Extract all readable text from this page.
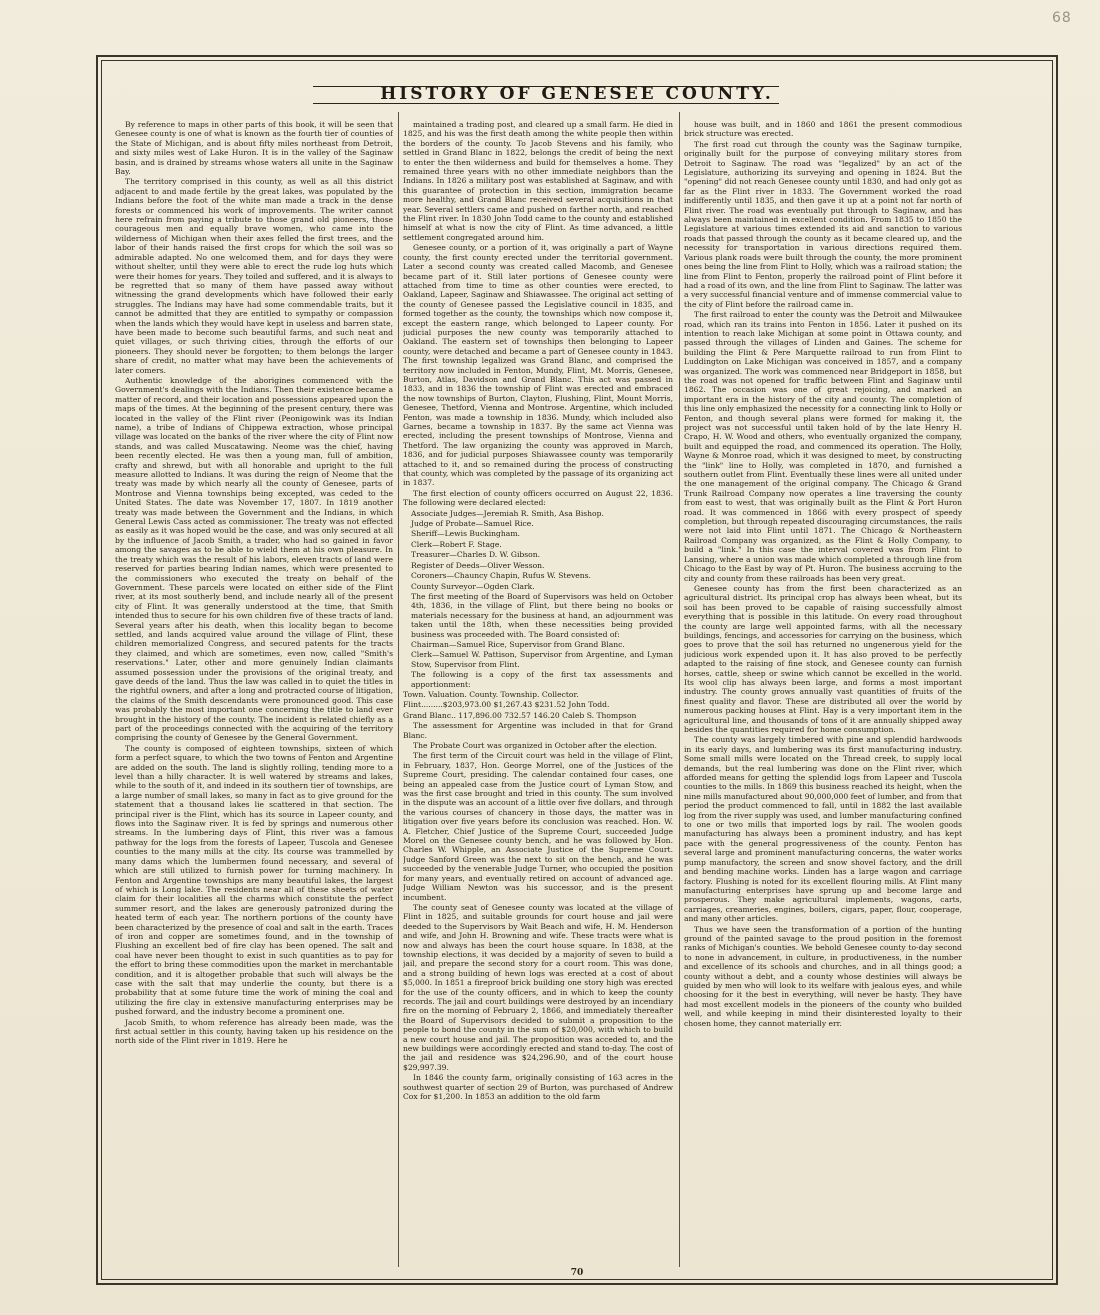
68
HISTORY OF GENESEE COUNTY.

By reference to maps in other parts of this book, it will be seen that Genesee county is one of what is known as the fourth tier of counties of the State of Michigan, and is about fifty miles northeast from Detroit, and sixty miles west of Lake Huron. It is in the valley of the Saginaw basin, and is drained by streams whose waters all unite in the Saginaw Bay.

The territory comprised in this county, as well as all this district adjacent to and made fertile by the great lakes, was populated by the Indians before the foot of the white man made a track in the dense forests or commenced his work of improvements. The writer cannot here refrain from paying a tribute to those grand old pioneers, those courageous men and equally brave women, who came into the wilderness of Michigan when their axes felled the first trees, and the labor of their hands raised the first crops for which the soil was so admirable adapted. No one welcomed them, and for days they were without shelter, until they were able to erect the rude log huts which were their homes for years. They toiled and suffered, and it is always to be regretted that so many of them have passed away without witnessing the grand developments which have followed their early struggles. The Indians may have had some commendable traits, but it cannot be admitted that they are entitled to sympathy or compassion when the lands which they would have kept in useless and barren state, have been made to become such beautiful farms, and such neat and quiet villages, or such thriving cities, through the efforts of our pioneers. They should never be forgotten; to them belongs the larger share of credit, no matter what may have been the achievements of later comers.

Authentic knowledge of the aborigines commenced with the Government's dealings with the Indians. Then their existence became a matter of record, and their location and possessions appeared upon the maps of the times. At the beginning of the present century, there was located in the valley of the Flint river (Peonigowink was its Indian name), a tribe of Indians of Chippewa extraction, whose principal village was located on the banks of the river where the city of Flint now stands, and was called Muscatawing. Neome was the chief, having been recently elected. He was then a young man, full of ambition, crafty and shrewd, but with all honorable and upright to the full measure allotted to Indians. It was during the reign of Neome that the treaty was made by which nearly all the county of Genesee, parts of Montrose and Vienna townships being excepted, was ceded to the United States. The date was November 17, 1807. In 1819 another treaty was made between the Government and the Indians, in which General Lewis Cass acted as commissioner. The treaty was not effected as easily as it was hoped would be the case, and was only secured at all by the influence of Jacob Smith, a trader, who had so gained in favor among the savages as to be able to wield them at his own pleasure. In the treaty which was the result of his labors, eleven tracts of land were reserved for parties bearing Indian names, which were presented to the commissioners who executed the treaty on behalf of the Government. These parcels were located on either side of the Flint river, at its most southerly bend, and include nearly all of the present city of Flint. It was generally understood at the time, that Smith intended thus to secure for his own children five of these tracts of land. Several years after his death, when this locality began to become settled, and lands acquired value around the village of Flint, these children memorialized Congress, and secured patents for the tracts they claimed, and which are sometimes, even now, called "Smith's reservations." Later, other and more genuinely Indian claimants assumed possession under the provisions of the original treaty, and gave deeds of the land. Thus the law was called in to quiet the titles in the rightful owners, and after a long and protracted course of litigation, the claims of the Smith descendants were pronounced good. This case was probably the most important one concerning the title to land ever brought in the history of the county. The incident is related chiefly as a part of the proceedings connected with the acquiring of the territory comprising the county of Genesee by the General Government.

The county is composed of eighteen townships, sixteen of which form a perfect square, to which the two towns of Fenton and Argentine are added on the south. The land is slightly rolling, tending more to a level than a hilly character. It is well watered by streams and lakes, while to the south of it, and indeed in its southern tier of townships, are a large number of small lakes, so many in fact as to give ground for the statement that a thousand lakes lie scattered in that section. The principal river is the Flint, which has its source in Lapeer county, and flows into the Saginaw river. It is fed by springs and numerous other streams. In the lumbering days of Flint, this river was a famous pathway for the logs from the forests of Lapeer, Tuscola and Genesee counties to the many mills at the city. Its course was trammelled by many dams which the lumbermen found necessary, and several of which are still utilized to furnish power for turning machinery. In Fenton and Argentine townships are many beautiful lakes, the largest of which is Long lake. The residents near all of these sheets of water claim for their localities all the charms which constitute the perfect summer resort, and the lakes are generously patronized during the heated term of each year. The northern portions of the county have been characterized by the presence of coal and salt in the earth. Traces of iron and copper are sometimes found, and in the township of Flushing an excellent bed of fire clay has been opened. The salt and coal have never been thought to exist in such quantities as to pay for the effort to bring these commodities upon the market in merchantable condition, and it is altogether probable that such will always be the case with the salt that may underlie the county, but there is a probability that at some future time the work of mining the coal and utilizing the fire clay in extensive manufacturing enterprises may be pushed forward, and the industry become a prominent one.

Jacob Smith, to whom reference has already been made, was the first actual settler in this county, having taken up his residence on the north side of the Flint river in 1819. Here he

maintained a trading post, and cleared up a small farm. He died in 1825, and his was the first death among the white people then within the borders of the county. To Jacob Stevens and his family, who settled in Grand Blanc in 1822, belongs the credit of being the next to enter the then wilderness and build for themselves a home. They remained three years with no other immediate neighbors than the Indians. In 1826 a military post was established at Saginaw, and with this guarantee of protection in this section, immigration became more healthy, and Grand Blanc received several acquisitions in that year. Several settlers came and pushed on farther north, and reached the Flint river. In 1830 John Todd came to the county and established himself at what is now the city of Flint. As time advanced, a little settlement congregated around him.

Genesee county, or a portion of it, was originally a part of Wayne county, the first county erected under the territorial government. Later a second county was created called Macomb, and Genesee became part of it. Still later portions of Genesee county were attached from time to time as other counties were erected, to Oakland, Lapeer, Saginaw and Shiawassee. The original act setting of the county of Genesee passed the Legislative council in 1835, and formed together as the county, the townships which now compose it, except the eastern range, which belonged to Lapeer county. For judicial purposes the new county was temporarily attached to Oakland. The eastern set of townships then belonging to Lapeer county, were detached and became a part of Genesee county in 1843. The first township legalized was Grand Blanc, and comprised the territory now included in Fenton, Mundy, Flint, Mt. Morris, Genesee, Burton, Atlas, Davidson and Grand Blanc. This act was passed in 1833, and in 1836 the township of Flint was erected and embraced the now townships of Burton, Clayton, Flushing, Flint, Mount Morris, Genesee, Thetford, Vienna and Montrose. Argentine, which included Fenton, was made a township in 1836. Mundy, which included also Garnes, became a township in 1837. By the same act Vienna was erected, including the present townships of Montrose, Vienna and Thetford. The law organizing the county was approved in March, 1836, and for judicial purposes Shiawassee county was temporarily attached to it, and so remained during the process of constructing that county, which was completed by the passage of its organizing act in 1837.

The first election of county officers occurred on August 22, 1836. The following were declared elected:

Associate Judges—Jeremiah R. Smith, Asa Bishop.

Judge of Probate—Samuel Rice.

Sheriff—Lewis Buckingham.

Clerk—Robert F. Stage.

Treasurer—Charles D. W. Gibson.

Register of Deeds—Oliver Wesson.

Coroners—Chauncy Chapin, Rufus W. Stevens.

County Surveyor—Ogden Clark.

The first meeting of the Board of Supervisors was held on October 4th, 1836, in the village of Flint, but there being no books or materials necessary for the business at hand, an adjournment was taken until the 18th, when these necessities being provided business was proceeded with. The Board consisted of:

Chairman—Samuel Rice, Supervisor from Grand Blanc.

Clerk—Samuel W. Pattison, Supervisor from Argentine, and Lyman Stow, Supervisor from Flint.

The following is a copy of the first tax assessments and apportionment:

Town. Valuation. County. Township. Collector.

Flint.........$203,973.00 $1,267.43 $231.52 John Todd.

Grand Blanc.. 117,896.00 732.57 146.20 Caleb S. Thompson

The assessment for Argentine was included in that for Grand Blanc.

The Probate Court was organized in October after the election.

The first term of the Circuit court was held in the village of Flint, in February, 1837, Hon. George Morrel, one of the Justices of the Supreme Court, presiding. The calendar contained four cases, one being an appealed case from the Justice court of Lyman Stow, and was the first case brought and tried in this county. The sum involved in the dispute was an account of a little over five dollars, and through the various courses of chancery in those days, the matter was in litigation over five years before its conclusion was reached. Hon. W. A. Fletcher, Chief Justice of the Supreme Court, succeeded Judge Morel on the Genesee county bench, and he was followed by Hon. Charles W. Whipple, an Associate Justice of the Supreme Court. Judge Sanford Green was the next to sit on the bench, and he was succeeded by the venerable Judge Turner, who occupied the position for many years, and eventually retired on account of advanced age. Judge William Newton was his successor, and is the present incumbent.

The county seat of Genesee county was located at the village of Flint in 1825, and suitable grounds for court house and jail were deeded to the Supervisors by Wait Beach and wife, H. M. Henderson and wife, and John H. Browning and wife. These tracts were what is now and always has been the court house square. In 1838, at the township elections, it was decided by a majority of seven to build a jail, and prepare the second story for a court room. This was done, and a strong building of hewn logs was erected at a cost of about $5,000. In 1851 a fireproof brick building one story high was erected for the use of the county officers, and in which to keep the county records. The jail and court buildings were destroyed by an incendiary fire on the morning of February 2, 1866, and immediately thereafter the Board of Supervisors decided to submit a proposition to the people to bond the county in the sum of $20,000, with which to build a new court house and jail. The proposition was acceded to, and the new buildings were accordingly erected and stand to-day. The cost of the jail and residence was $24,296.90, and of the court house $29,997.39.

In 1846 the county farm, originally consisting of 163 acres in the southwest quarter of section 29 of Burton, was purchased of Andrew Cox for $1,200. In 1853 an addition to the old farm

house was built, and in 1860 and 1861 the present commodious brick structure was erected.

The first road cut through the county was the Saginaw turnpike, originally built for the purpose of conveying military stores from Detroit to Saginaw. The road was "legalized" by an act of the Legislature, authorizing its surveying and opening in 1824. But the "opening" did not reach Genesee county until 1830, and had only got as far as the Flint river in 1833. The Government worked the road indifferently until 1835, and then gave it up at a point not far north of Flint river. The road was eventually put through to Saginaw, and has always been maintained in excellent condition. From 1835 to 1850 the Legislature at various times extended its aid and sanction to various roads that passed through the county as it became cleared up, and the necessity for transportation in various directions required them. Various plank roads were built through the county, the more prominent ones being the line from Flint to Holly, which was a railroad station; the line from Flint to Fenton, properly the railroad point of Flint before it had a road of its own, and the line from Flint to Saginaw. The latter was a very successful financial venture and of immense commercial value to the city of Flint before the railroad came in.

The first railroad to enter the county was the Detroit and Milwaukee road, which ran its trains into Fenton in 1856. Later it pushed on its intention to reach lake Michigan at some point in Ottawa county, and passed through the villages of Linden and Gaines. The scheme for building the Flint & Pere Marquette railroad to run from Flint to Luddington on Lake Michigan was conceived in 1857, and a company was organized. The work was commenced near Bridgeport in 1858, but the road was not opened for traffic between Flint and Saginaw until 1862. The occasion was one of great rejoicing, and marked an important era in the history of the city and county. The completion of this line only emphasized the necessity for a connecting link to Holly or Fenton, and though several plans were formed for making it, the project was not successful until taken hold of by the late Henry H. Crapo, H. W. Wood and others, who eventually organized the company, built and equipped the road, and commenced its operation. The Holly, Wayne & Monroe road, which it was designed to meet, by constructing the "link" line to Holly, was completed in 1870, and furnished a southern outlet from Flint. Eventually these lines were all united under the one management of the original company. The Chicago & Grand Trunk Railroad Company now operates a line traversing the county from east to west, that was originally built as the Flint & Port Huron road. It was commenced in 1866 with every prospect of speedy completion, but through repeated discouraging circumstances, the rails were not laid into Flint until 1871. The Chicago & Northeastern Railroad Company was organized, as the Flint & Holly Company, to build a "link." In this case the interval covered was from Flint to Lansing, where a union was made which completed a through line from Chicago to the East by way of Pt. Huron. The business accruing to the city and county from these railroads has been very great.

Genesee county has from the first been characterized as an agricultural district. Its principal crop has always been wheat, but its soil has been proved to be capable of raising successfully almost everything that is possible in this latitude. On every road throughout the county are large well appointed farms, with all the necessary buildings, fencings, and accessories for carrying on the business, which goes to prove that the soil has returned no ungenerous yield for the judicious work expended upon it. It has also proved to be perfectly adapted to the raising of fine stock, and Genesee county can furnish horses, cattle, sheep or swine which cannot be excelled in the world. Its wool clip has always been large, and forms a most important industry. The county grows annually vast quantities of fruits of the finest quality and flavor. These are distributed all over the world by numerous packing houses at Flint. Hay is a very important item in the agricultural line, and thousands of tons of it are annually shipped away besides the quantities required for home consumption.

The county was largely timbered with pine and splendid hardwoods in its early days, and lumbering was its first manufacturing industry. Some small mills were located on the Thread creek, to supply local demands, but the real lumbering was done on the Flint river, which afforded means for getting the splendid logs from Lapeer and Tuscola counties to the mills. In 1869 this business reached its height, when the nine mills manufactured about 90,000,000 feet of lumber, and from that period the product commenced to fall, until in 1882 the last available log from the river supply was used, and lumber manufacturing confined to one or two mills that imported logs by rail. The woolen goods manufacturing has always been a prominent industry, and has kept pace with the general progressiveness of the county. Fenton has several large and prominent manufacturing concerns, the water works pump manufactory, the screen and snow shovel factory, and the drill and bending machine works. Linden has a large wagon and carriage factory. Flushing is noted for its excellent flouring mills. At Flint many manufacturing enterprises have sprung up and become large and prosperous. They make agricultural implements, wagons, carts, carriages, creameries, engines, boilers, cigars, paper, flour, cooperage, and many other articles.

Thus we have seen the transformation of a portion of the hunting ground of the painted savage to the proud position in the foremost ranks of Michigan's counties. We behold Genesee county to-day second to none in advancement, in culture, in productiveness, in the number and excellence of its schools and churches, and in all things good; a county without a debt, and a county whose destinies will always be guided by men who will look to its welfare with jealous eyes, and while choosing for it the best in everything, will never be hasty. They have had most excellent models in the pioneers of the county who builded well, and while keeping in mind their disinterested loyalty to their chosen home, they cannot materially err.

70
